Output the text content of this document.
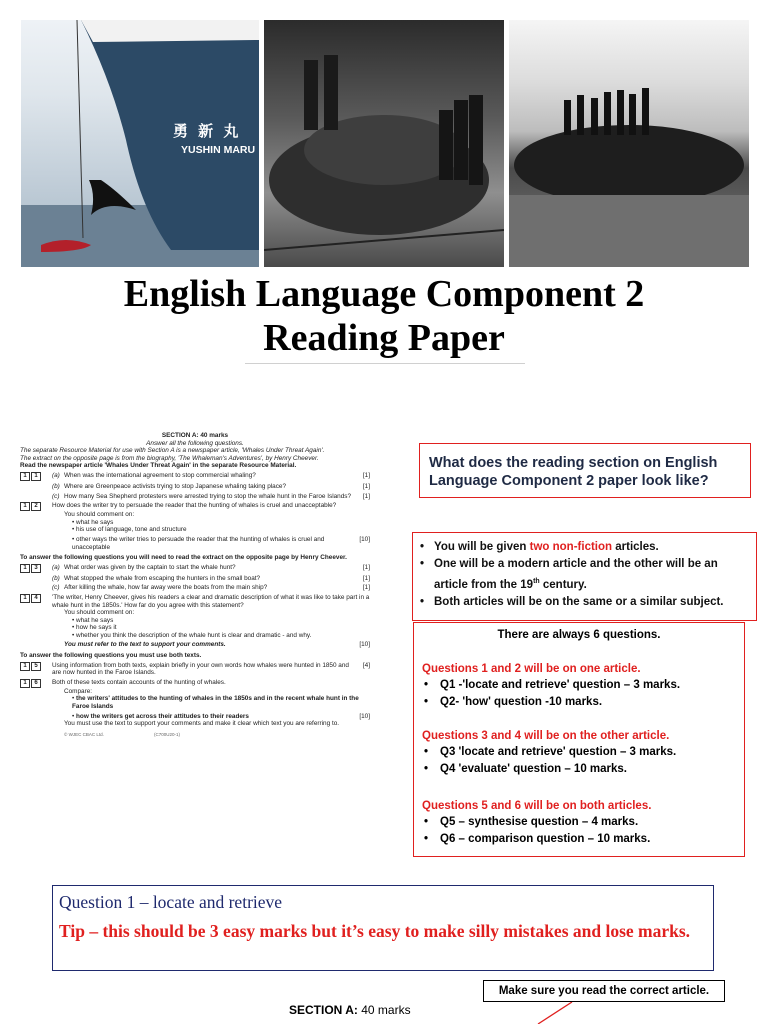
勇 新 丸
YUSHIN MARU
English Language Component 2
Reading Paper
SECTION A: 40 marks
Answer all the following questions.
The separate Resource Material for use with Section A is a newspaper article, 'Whales Under Threat Again'.
The extract on the opposite page is from the biography, 'The Whaleman's Adventures', by Henry Cheever.
Read the newspaper article 'Whales Under Threat Again' in the separate Resource Material.
1	1	(a) When was the international agreement to stop commercial whaling?	[1]
(b) Where are Greenpeace activists trying to stop Japanese whaling taking place?	[1]
(c) How many Sea Shepherd protesters were arrested trying to stop the whale hunt in the Faroe Islands?	[1]
1	2	How does the writer try to persuade the reader that the hunting of whales is cruel and unacceptable?
You should comment on:
• what he says
• his use of language, tone and structure
• other ways the writer tries to persuade the reader that the hunting of whales is cruel and unacceptable
[10]
To answer the following questions you will need to read the extract on the opposite page by Henry Cheever.
1	3	(a) What order was given by the captain to start the whale hunt?	[1]
(b) What stopped the whale from escaping the hunters in the small boat?	[1]
(c) After killing the whale, how far away were the boats from the main ship?	[1]
1	4	'The writer, Henry Cheever, gives his readers a clear and dramatic description of what it was like to take part in a whale hunt in the 1850s.' How far do you agree with this statement?
You should comment on:
• what he says
• how he says it
• whether you think the description of the whale hunt is clear and dramatic - and why.
You must refer to the text to support your comments.	[10]
To answer the following questions you must use both texts.
1	5	Using information from both texts, explain briefly in your own words how whales were hunted in 1850 and are now hunted in the Faroe Islands.
[4]
1	6	Both of these texts contain accounts of the hunting of whales.
Compare:
• the writers' attitudes to the hunting of whales in the 1850s and in the recent whale hunt in the Faroe Islands
• how the writers get across their attitudes to their readers	[10]
You must use the text to support your comments and make it clear which text you are referring to.
© WJEC CBAC Ltd.	(C700U20-1)
What does the reading section on English Language Component 2 paper look like?
• You will be given two non-fiction articles.
• One will be a modern article and the other will be an article from the 19th century.
• Both articles will be on the same or a similar subject.
There are always 6 questions.
Questions 1 and 2 will be on one article.
• Q1 -'locate and retrieve' question – 3 marks.
• Q2- 'how' question -10 marks.
Questions 3 and 4 will be on the other article.
• Q3 'locate and retrieve' question – 3 marks.
• Q4 'evaluate' question – 10 marks.
Questions 5 and 6 will be on both articles.
• Q5 – synthesise question – 4 marks.
• Q6 – comparison question – 10 marks.
Question 1 – locate and retrieve
Tip – this should be 3 easy marks but it’s easy to make silly mistakes and lose marks.
Make sure you read the correct article.
SECTION A: 40 marks
